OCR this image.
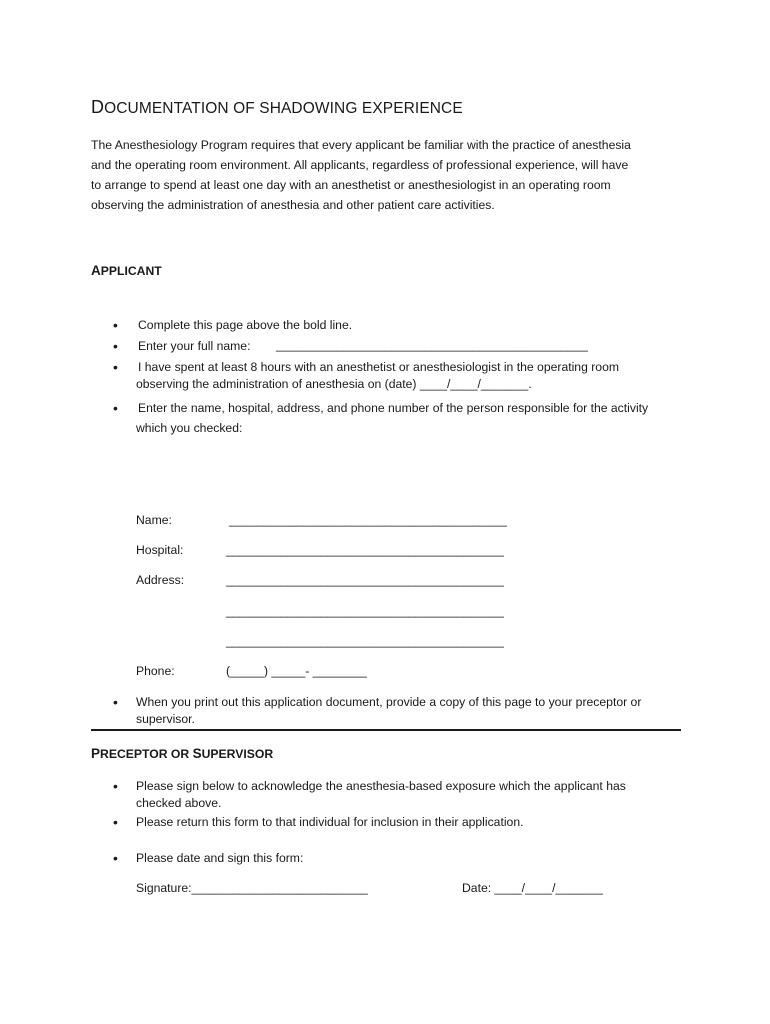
DOCUMENTATION OF SHADOWING EXPERIENCE
The Anesthesiology Program requires that every applicant be familiar with the practice of anesthesia
and the operating room environment. All applicants, regardless of professional experience, will have
to arrange to spend at least one day with an anesthetist or anesthesiologist in an operating room
observing the administration of anesthesia and other patient care activities.
APPLICANT
• Complete this page above the bold line.
• Enter your full name: ______________________________________________
• I have spent at least 8 hours with an anesthetist or anesthesiologist in the operating room
observing the administration of anesthesia on (date) ____/____/_______.
• Enter the name, hospital, address, and phone number of the person responsible for the activity
which you checked:
Name:	_________________________________________
Hospital:	_________________________________________
Address:	_________________________________________
_________________________________________
_________________________________________
Phone:	(_____) _____- ________
• When you print out this application document, provide a copy of this page to your preceptor or
supervisor.
PRECEPTOR OR SUPERVISOR
• Please sign below to acknowledge the anesthesia-based exposure which the applicant has
checked above.
• Please return this form to that individual for inclusion in their application.
• Please date and sign this form:
Signature:__________________________	Date: ____/____/_______
